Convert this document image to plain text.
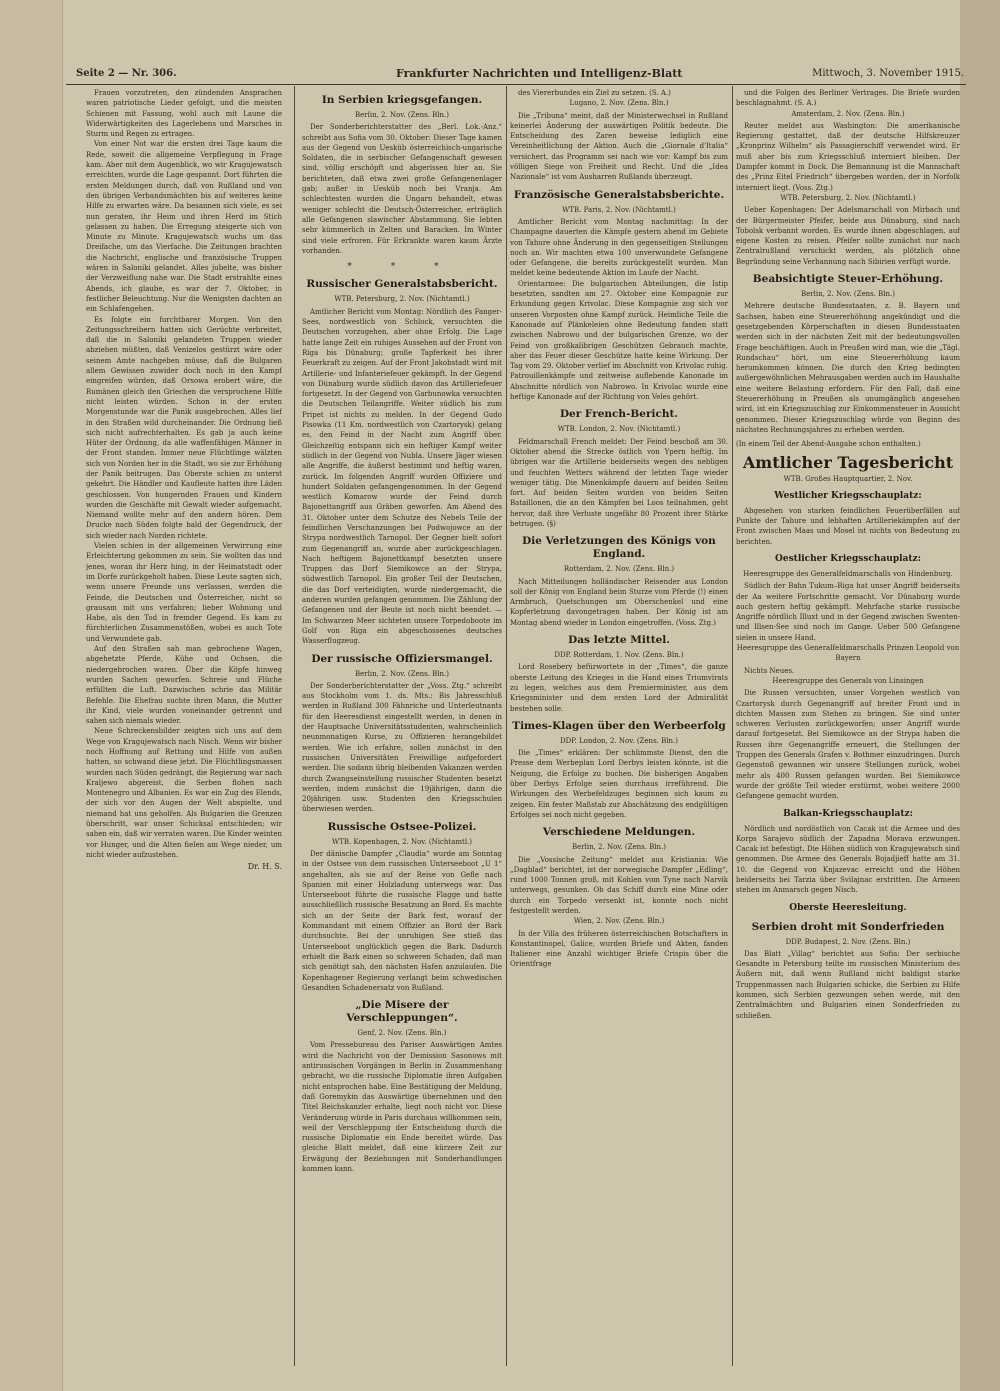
Seite 2 — Nr. 306.	Frankfurter Nachrichten und Intelligenz-Blatt	Mittwoch, 3. November 1915.

Frauen vorzutreten, den zündenden Ansprachen waren patriotische Lieder gefolgt, und die meisten Schienen mit Fassung, wohl auch mit Laune die Widerwärtigkeiten des Lagerlebens und Marsches in Sturm und Regen zu ertragen.

Von einer Not war die ersten drei Tage kaum die Rede, soweit die allgemeine Verpflegung in Frage kam. Aber mit dem Augenblick, wo wir Kragujewatsch erreichten, wurde die Lage gespannt. Dort führten die ersten Meldungen durch, daß von Rußland und von den übrigen Verbandsmächten bis auf weiteres keine Hilfe zu erwarten wäre. Da besannen sich viele, es sei nun geraten, ihr Heim und ihren Herd im Stich gelassen zu haben. Die Erregung steigerte sich von Minute zu Minute. Kragujewatsch wuchs um das Dreifache, um das Vierfache. Die Zeitungen brachten die Nachricht, englische und französische Truppen wären in Saloniki gelandet. Alles jubelte, was bisher der Verzweiflung nahe war. Die Stadt erstrahlte eines Abends, ich glaube, es war der 7. Oktober, in festlicher Beleuchtung. Nur die Wenigsten dachten an ein Schlafengehen.

Es folgte ein furchtbarer Morgen. Von den Zeitungsschreibern hatten sich Gerüchte verbreitet, daß die in Saloniki gelandeten Truppen wieder abziehen müßten, daß Venizelos gestürzt wäre oder seinem Amte nachgeben müsse, daß die Bulgaren allem Gewissen zuwider doch noch in den Kampf eingreifen würden, daß Orsowa erobert wäre, die Rumänen gleich den Griechen die versprochene Hilfe nicht leisten würden. Schon in der ersten Morgenstunde war die Panik ausgebrochen. Alles lief in den Straßen wild durcheinander. Die Ordnung ließ sich nicht aufrechterhalten. Es gab ja auch keine Hüter der Ordnung, da alle waffenfähigen Männer in der Front standen. Immer neue Flüchtlinge wälzten sich von Norden her in die Stadt, wo sie zur Erhöhung der Panik beitrugen. Das Oberste schien zu unterst gekehrt. Die Händler und Kaufleute hatten ihre Läden geschlossen. Von hungernden Frauen und Kindern wurden die Geschäfte mit Gewalt wieder aufgemacht. Niemand wollte mehr auf den andern hören. Dem Drucke nach Süden folgte bald der Gegendruck, der sich wieder nach Norden richtete.

Vielen schien in der allgemeinen Verwirrung eine Erleichterung gekommen zu sein. Sie wollten das und jenes, woran ihr Herz hing, in der Heimatstadt oder im Dorfe zurückgeholt haben. Diese Leute sagten sich, wenn unsere Freunde uns verlassen, werden die Feinde, die Deutschen und Österreicher, nicht so grausam mit uns verfahren; lieber Wohnung und Habe, als den Tod in fremder Gegend. Es kam zu fürchterlichen Zusammenstößen, wobei es auch Tote und Verwundete gab.

Auf den Straßen sah man gebrochene Wagen, abgehetzte Pferde, Kühe und Ochsen, die niedergebrochen waren. Über die Köpfe hinweg wurden Sachen geworfen. Schreie und Flüche erfüllten die Luft. Dazwischen schrie das Militär Befehle. Die Ehefrau suchte ihren Mann, die Mutter ihr Kind, viele wurden voneinander getrennt und sahen sich niemals wieder.

Neue Schreckensbilder zeigten sich uns auf dem Wege von Kragujewatsch nach Nisch. Wenn wir bisher noch Hoffnung auf Rettung und Hilfe von außen hatten, so schwand diese jetzt. Die Flüchtlingsmassen wurden nach Süden gedrängt, die Regierung war nach Kraljewo abgereist, die Serben flohen nach Montenegro und Albanien. Es war ein Zug des Elends, der sich vor den Augen der Welt abspielte, und niemand hat uns geholfen. Als Bulgarien die Grenzen überschritt, war unser Schicksal entschieden; wir sahen ein, daß wir verraten waren. Die Kinder weinten vor Hunger, und die Alten fielen am Wege nieder, um nicht wieder aufzustehen.

Dr. H. S.
In Serbien kriegsgefangen.
Berlin, 2. Nov. (Zens. Bln.)

Der Sonderberichterstatter des „Berl. Lok.-Anz.“ schreibt aus Sofia vom 30. Oktober: Dieser Tage kamen aus der Gegend von Uesküb österreichisch-ungarische Soldaten, die in serbischer Gefangenschaft gewesen sind, völlig erschöpft und abgerissen hier an. Sie berichteten, daß etwa zwei große Gefangenenlager gab; außer in Uesküb noch bei Vranja. Am schlechtesten wurden die Ungarn behandelt, etwas weniger schlecht die Deutsch-Österreicher, erträglich alle Gefangenen slawischer Abstammung. Sie lebten sehr kümmerlich in Zelten und Baracken. Im Winter sind viele erfroren. Für Erkrankte waren kaum Ärzte vorhanden.

* * *
Russischer Generalstabsbericht.
WTB. Petersburg, 2. Nov. (Nichtamtl.)

Amtlicher Bericht vom Montag: Nördlich des Fanger-Sees, nordwestlich von Schlock, versuchten die Deutschen vorzugehen, aber ohne Erfolg. Die Lage hatte lange Zeit ein ruhiges Aussehen auf der Front von Riga bis Dünaburg; große Tapferkeit bei ihrer Feuerkraft zu zeigen. Auf der Front Jakobstadt wird mit Artillerie- und Infanteriefeuer gekämpft. In der Gegend von Dünaburg wurde südlich davon das Artilleriefeuer fortgesetzt. In der Gegend von Garbunowka versuchten die Deutschen Teilangriffe. Weiter südlich bis zum Pripet ist nichts zu melden. In der Gegend Gudo Pisowka (11 Km. nordwestlich von Czartorysk) gelang es, den Feind in der Nacht zum Angriff über. Gleichzeitig entspann sich ein heftiger Kampf weiter südlich in der Gegend von Nubla. Unsere Jäger wiesen alle Angriffe, die äußerst bestimmt und heftig waren, zurück. Im folgenden Angriff wurden Offiziere und hundert Soldaten gefangengenommen. In der Gegend westlich Komarow wurde der Feind durch Bajonettangriff aus Gräben geworfen. Am Abend des 31. Oktober unter dem Schutze des Nebels Teile der feindlichen Verschanzungen bei Podwojowce an der Strypa nordwestlich Tarnopol. Der Gegner hielt sofort zum Gegenangriff an, wurde aber zurückgeschlagen. Nach heftigem Bajonettkampf besetzten unsere Truppen das Dorf Siemikowce an der Strypa, südwestlich Tarnopol. Ein großer Teil der Deutschen, die das Dorf verteidigten, wurde niedergemacht, die anderen wurden gefangen genommen. Die Zählung der Gefangenen und der Beute ist noch nicht beendet. — Im Schwarzen Meer sichteten unsere Torpedoboote im Golf von Riga ein abgeschossenes deutsches Wasserflugzeug.

Der russische Offiziersmangel.
Berlin, 2. Nov. (Zens. Bln.)

Der Sonderberichterstatter der „Voss. Ztg.“ schreibt aus Stockholm vom 1. ds. Mts.: Bis Jahresschluß werden in Rußland 300 Fähnriche und Unterleutnants für den Heeresdienst eingestellt werden, in denen in der Hauptsache Universitätsstudenten, wahrscheinlich neunmonatigen Kurse, zu Offizieren herangebildet werden. Wie ich erfahre, sollen zunächst in den russischen Universitäten Freiwillige aufgefordert werden. Die sodann übrig bleibenden Vakanzen werden durch Zwangseinstellung russischer Studenten besetzt werden, indem zunächst die 19jährigen, dann die 20jährigen usw. Studenten den Kriegsschulen überwiesen werden.

Russische Ostsee-Polizei.
WTB. Kopenhagen, 2. Nov. (Nichtamtl.)

Der dänische Dampfer „Claudia“ wurde am Sonntag in der Ostsee von dem russischen Unterseeboot „U 1“ angehalten, als sie auf der Reise von Gefle nach Spanien mit einer Holzladung unterwegs war. Das Unterseeboot führte die russische Flagge und hatte ausschließlich russische Besatzung an Bord. Es machte sich an der Seite der Bark fest, worauf der Kommandant mit einem Offizier an Bord der Bark durchsuchte. Bei der unruhigen See stieß das Unterseeboot unglücklich gegen die Bark. Dadurch erhielt die Bark einen so schweren Schaden, daß man sich genötigt sah, den nächsten Hafen anzulaufen. Die Kopenhagener Regierung verlangt beim schwedischen Gesandten Schadenersatz von Rußland.

„Die Misere der Verschleppungen“.
Genf, 2. Nov. (Zens. Bln.)

Vom Pressebureau des Pariser Auswärtigen Amtes wird die Nachricht von der Demission Sasonows mit antirussischen Vorgängen in Berlin in Zusammenhang gebracht, wo die russische Diplomatie ihren Aufgaben nicht entsprochen habe. Eine Bestätigung der Meldung, daß Goremykin das Auswärtige übernehmen und den Titel Reichskanzler erhalte, liegt noch nicht vor. Diese Veränderung würde in Paris durchaus willkommen sein, weil der Verschleppung der Entscheidung durch die russische Diplomatie ein Ende bereitet würde. Das gleiche Blatt meldet, daß eine kürzere Zeit zur Erwägung der Beziehungen mit Sonderhandlungen kommen kann.

des Viererbundes ein Ziel zu setzen. (S. A.)

Lugano, 2. Nov. (Zens. Bln.)

Die „Tribuna“ meint, daß der Ministerwechsel in Rußland keinerlei Änderung der auswärtigen Politik bedeute. Die Entscheidung des Zaren beweise lediglich eine Vereinheitlichung der Aktion. Auch die „Giornale d'Italia“ versichert, das Programm sei nach wie vor: Kampf bis zum völligen Siege von Freiheit und Recht. Und die „Idea Nazionale“ ist vom Ausharren Rußlands überzeugt.

Französische Generalstabsberichte.
WTB. Paris, 2. Nov. (Nichtamtl.)

Amtlicher Bericht vom Montag nachmittag: In der Champagne dauerten die Kämpfe gestern abend im Gebiete von Tahure ohne Änderung in den gegenseitigen Stellungen noch an. Wir machten etwa 100 unverwundete Gefangene oder Gefangene, die bereits zurückgestellt wurden. Man meldet keine bedeutende Aktion im Laufe der Nacht.

Orientarmee: Die bulgarischen Abteilungen, die Istip besetzten, sandten am 27. Oktober eine Kompagnie zur Erkundung gegen Krivolac. Diese Kompagnie zog sich vor unseren Vorposten ohne Kampf zurück. Heimliche Teile die Kanonade auf Plänkeleien ohne Bedeutung fanden statt zwischen Nabrowo und der bulgarischen Grenze, wo der Feind von großkalibrigen Geschützen Gebrauch machte, aber das Feuer dieser Geschütze hatte keine Wirkung. Der Tag vom 29. Oktober verlief im Abschnitt von Krivolac ruhig. Patrouillenkämpfe und zeitweise auflebende Kanonade im Abschnitte nördlich von Nabrowo. In Krivolac wurde eine heftige Kanonade auf der Richtung von Veles gehört.

Der French-Bericht.
WTB. London, 2. Nov. (Nichtamtl.)

Feldmarschall French meldet: Der Feind beschoß am 30. Oktober abend die Strecke östlich von Ypern heftig. Im übrigen war die Artillerie beiderseits wegen des nebligen und feuchten Wetters während der letzten Tage wieder weniger tätig. Die Minenkämpfe dauern auf beiden Seiten fort. Auf beiden Seiten wurden von beiden Seiten Bataillonen, die an den Kämpfen bei Loos teilnahmen, geht hervor, daß ihre Verluste ungefähr 80 Prozent ihrer Stärke betrugen. (§)

Die Verletzungen des Königs von England.
Rotterdam, 2. Nov. (Zens. Bln.)

Nach Mitteilungen holländischer Reisender aus London soll der König von England beim Sturze vom Pferde (!) einen Armbruch, Quetschungen am Oberschenkel und eine Kopferletzung davongetragen haben. Der König ist am Montag abend wieder in London eingetroffen. (Voss. Ztg.)

Das letzte Mittel.
DDP. Rotterdam, 1. Nov. (Zens. Bln.)

Lord Rosebery befürwortete in der „Times“, die ganze oberste Leitung des Krieges in die Hand eines Triumvirats zu legen, welches aus dem Premierminister, aus dem Kriegsminister und dem ersten Lord der Admiralität bestehen solle.

Times-Klagen über den Werbeerfolg
DDP. London, 2. Nov. (Zens. Bln.)

Die „Times“ erklären: Der schlimmste Dienst, den die Presse dem Werbeplan Lord Derbys leisten könnte, ist die Neigung, die Erfolge zu buchen. Die bisherigen Angaben über Derbys Erfolge seien durchaus irreführend. Die Wirkungen des Werbefeldzuges beginnen sich kaum zu zeigen. Ein fester Maßstab zur Abschätzung des endgültigen Erfolges sei noch nicht gegeben.

Verschiedene Meldungen.
Berlin, 2. Nov. (Zens. Bln.)

Die „Vossische Zeitung“ meldet aus Kristiania: Wie „Dagblad“ berichtet, ist der norwegische Dampfer „Edling“, rund 1000 Tonnen groß, mit Kohlen vom Tyne nach Narvik unterwegs, gesunken. Ob das Schiff durch eine Mine oder durch ein Torpedo versenkt ist, konnte noch nicht festgestellt werden.

Wien, 2. Nov. (Zens. Bln.)

In der Villa des früheren österreichischen Botschafters in Konstantinopel, Galice, wurden Briefe und Akten, fanden Italiener eine Anzahl wichtiger Briefe Crispis über die Orientfrage

und die Folgen des Berliner Vertrages. Die Briefe wurden beschlagnahmt. (S. A.)

Amsterdam, 2. Nov. (Zens. Bln.)

Reuter meldet aus Washington: Die amerikanische Regierung gestattet, daß der deutsche Hilfskreuzer „Kronprinz Wilhelm“ als Passagierschiff verwendet wird. Er muß aber bis zum Kriegsschluß interniert bleiben. Der Dampfer kommt in Dock. Die Bemannung ist die Mannschaft des „Prinz Eitel Friedrich“ übergeben worden, der in Norfolk interniert liegt. (Voss. Ztg.)

WTB. Petersburg, 2. Nov. (Nichtamtl.)

Ueber Kopenhagen: Der Adelsmarschall von Mirbach und der Bürgermeister Pfeifer, beide aus Dünaburg, sind nach Tobolsk verbannt worden. Es wurde ihnen abgeschlagen, auf eigene Kosten zu reisen. Pfeifer sollte zunächst nur nach Zentralrußland verschickt werden, als plötzlich ohne Begründung seine Verbannung nach Sibirien verfügt wurde.

Beabsichtigte Steuer-Erhöhung.
Berlin, 2. Nov. (Zens. Bln.)

Mehrere deutsche Bundesstaaten, z. B. Bayern und Sachsen, haben eine Steuererhöhung angekündigt und die gesetzgebenden Körperschaften in diesen Bundesstaaten werden sich in der nächsten Zeit mit der bedeutungsvollen Frage beschäftigen. Auch in Preußen wird man, wie die „Tägl. Rundschau“ hört, um eine Steuererhöhung kaum herumkommen können. Die durch den Krieg bedingten außergewöhnlichen Mehrausgaben werden auch im Haushalte eine weitere Belastung erfordern. Für den Fall, daß eine Steuererhöhung in Preußen als unumgänglich angesehen wird, ist ein Kriegszuschlag zur Einkommensteuer in Aussicht genommen. Dieser Kriegszuschlag würde von Beginn des nächsten Rechnungsjahres zu erheben werden.

(In einem Teil der Abend-Ausgabe schon enthalten.)
Amtlicher Tagesbericht
WTB. Großes Hauptquartier, 2. Nov.
Westlicher Kriegsschauplatz:

Abgesehen von starken feindlichen Feuerüberfällen auf Punkte der Tahure und lebhaften Artilleriekämpfen auf der Front zwischen Maas und Mosel ist nichts von Bedeutung zu berichten.

Oestlicher Kriegsschauplatz:
Heeresgruppe des Generalfeldmarschalls von Hindenburg.

Südlich der Bahn Tukum–Riga hat unser Angriff beiderseits der Aa weitere Fortschritte gemacht. Vor Dünaburg wurde auch gestern heftig gekämpft. Mehrfache starke russische Angriffe nördlich Illuxt und in der Gegend zwischen Swenten- und Illsen-See sind noch im Gange. Ueber 500 Gefangene sielen in unsere Hand.

Heeresgruppe des Generalfeldmarschalls Prinzen Leopold von Bayern

Nichts Neues.

Heeresgruppe des Generals von Linsingen

Die Russen versuchten, unser Vorgehen westlich von Czartorysk durch Gegenangriff auf breiter Front und in dichten Massen zum Stehen zu bringen. Sie sind unter schweren Verlusten zurückgeworfen; unser Angriff wurde darauf fortgesetzt. Bei Siemikowce an der Strypa haben die Russen ihre Gegenangriffe erneuert, die Stellungen der Truppen des Generals Grafen v. Bothmer einzudringen. Durch Gegenstoß gewannen wir unsere Stellungen zurück, wobei mehr als 400 Russen gefangen wurden. Bei Siemikowce wurde der größte Teil wieder erstürmt, wobei weitere 2000 Gefangene gemacht wurden.

Balkan-Kriegsschauplatz:

Nördlich und nordöstlich von Cacak ist die Armee und des Korps Sarajevo südlich der Zapadna Morava erzwungen. Cacak ist befestigt. Die Höhen südlich von Kragujewatsch sind genommen. Die Armee des Generals Bojadjieff hatte am 31. 10. die Gegend von Knjazevac erreicht und die Höhen beiderseits bei Tarzia über Svilajnac erstritten. Die Armeen stehen im Anmarsch gegen Nisch.

Oberste Heeresleitung.
Serbien droht mit Sonderfrieden
DDP. Budapest, 2. Nov. (Zens. Bln.)

Das Blatt „Villag“ berichtet aus Sofia: Der serbische Gesandte in Petersburg teilte im russischen Ministerium des Äußern mit, daß wenn Rußland nicht baldigst starke Truppenmassen nach Bulgarien schicke, die Serbien zu Hilfe kommen, sich Serbien gezwungen sehen werde, mit den Zentralmächten und Bulgarien einen Sonderfrieden zu schließen.
